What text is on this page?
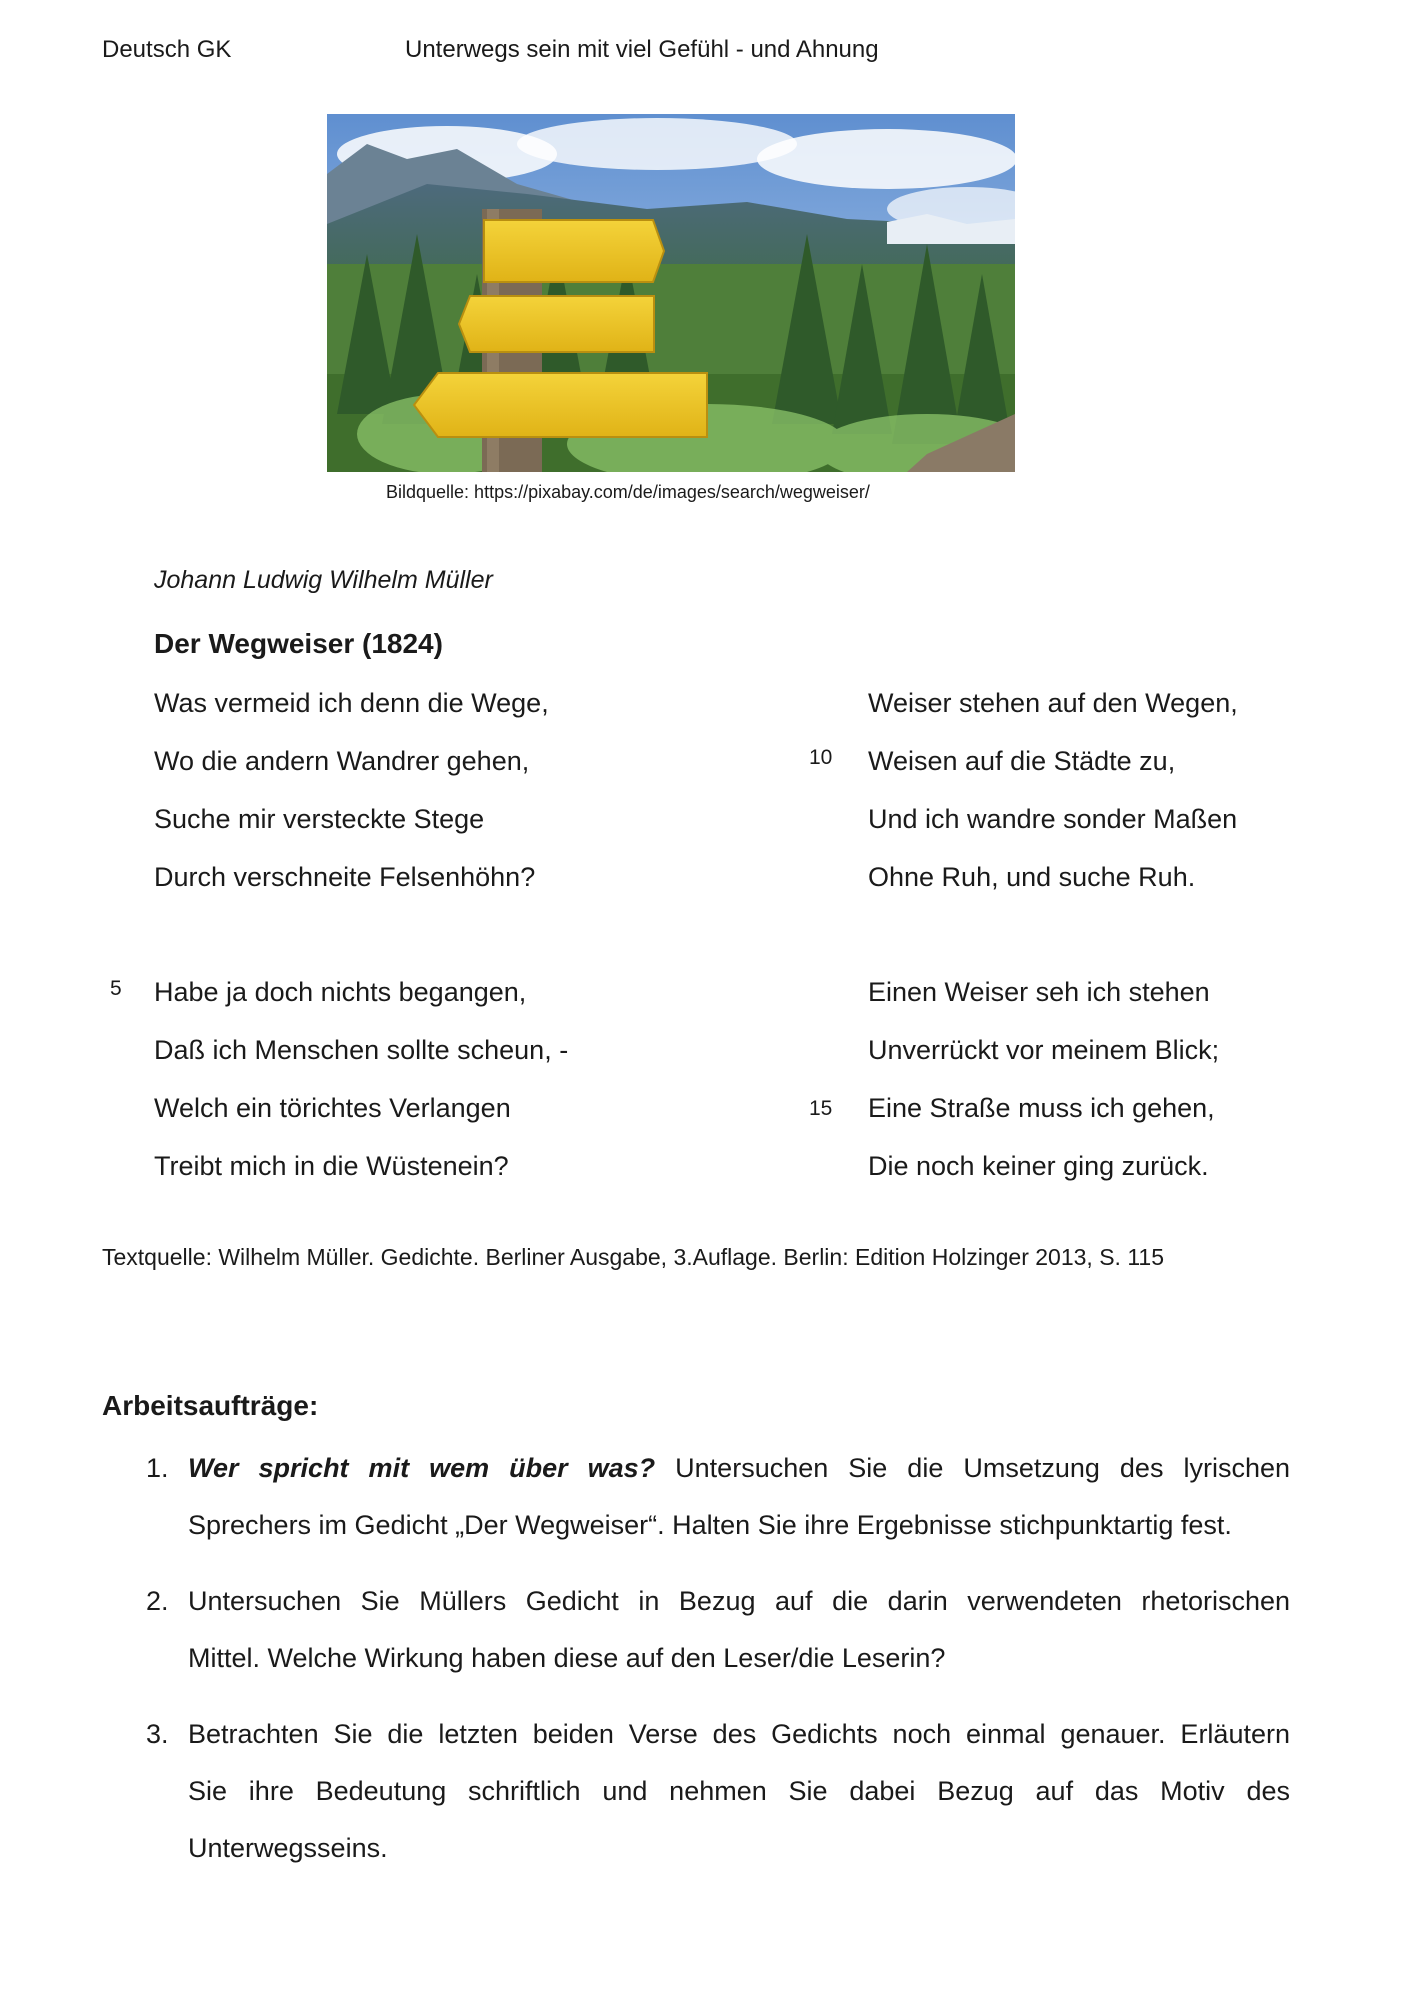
Deutsch GK	Unterwegs sein mit viel Gefühl - und Ahnung
Bildquelle: https://pixabay.com/de/images/search/wegweiser/
Johann Ludwig Wilhelm Müller
Der Wegweiser (1824)
Was vermeid ich denn die Wege,
Wo die andern Wandrer gehen,
Suche mir versteckte Stege
Durch verschneite Felsenhöhn?
5 Habe ja doch nichts begangen,
Daß ich Menschen sollte scheun, -
Welch ein törichtes Verlangen
Treibt mich in die Wüstenein?
Weiser stehen auf den Wegen,
10 Weisen auf die Städte zu,
Und ich wandre sonder Maßen
Ohne Ruh, und suche Ruh.
Einen Weiser seh ich stehen
Unverrückt vor meinem Blick;
15 Eine Straße muss ich gehen,
Die noch keiner ging zurück.
Textquelle: Wilhelm Müller. Gedichte. Berliner Ausgabe, 3.Auflage. Berlin: Edition Holzinger 2013, S. 115
Arbeitsaufträge:
1. Wer spricht mit wem über was? Untersuchen Sie die Umsetzung des lyrischen
Sprechers im Gedicht „Der Wegweiser“. Halten Sie ihre Ergebnisse stichpunktartig fest.
2. Untersuchen Sie Müllers Gedicht in Bezug auf die darin verwendeten rhetorischen
Mittel. Welche Wirkung haben diese auf den Leser/die Leserin?
3. Betrachten Sie die letzten beiden Verse des Gedichts noch einmal genauer. Erläutern
Sie ihre Bedeutung schriftlich und nehmen Sie dabei Bezug auf das Motiv des
Unterwegsseins.
